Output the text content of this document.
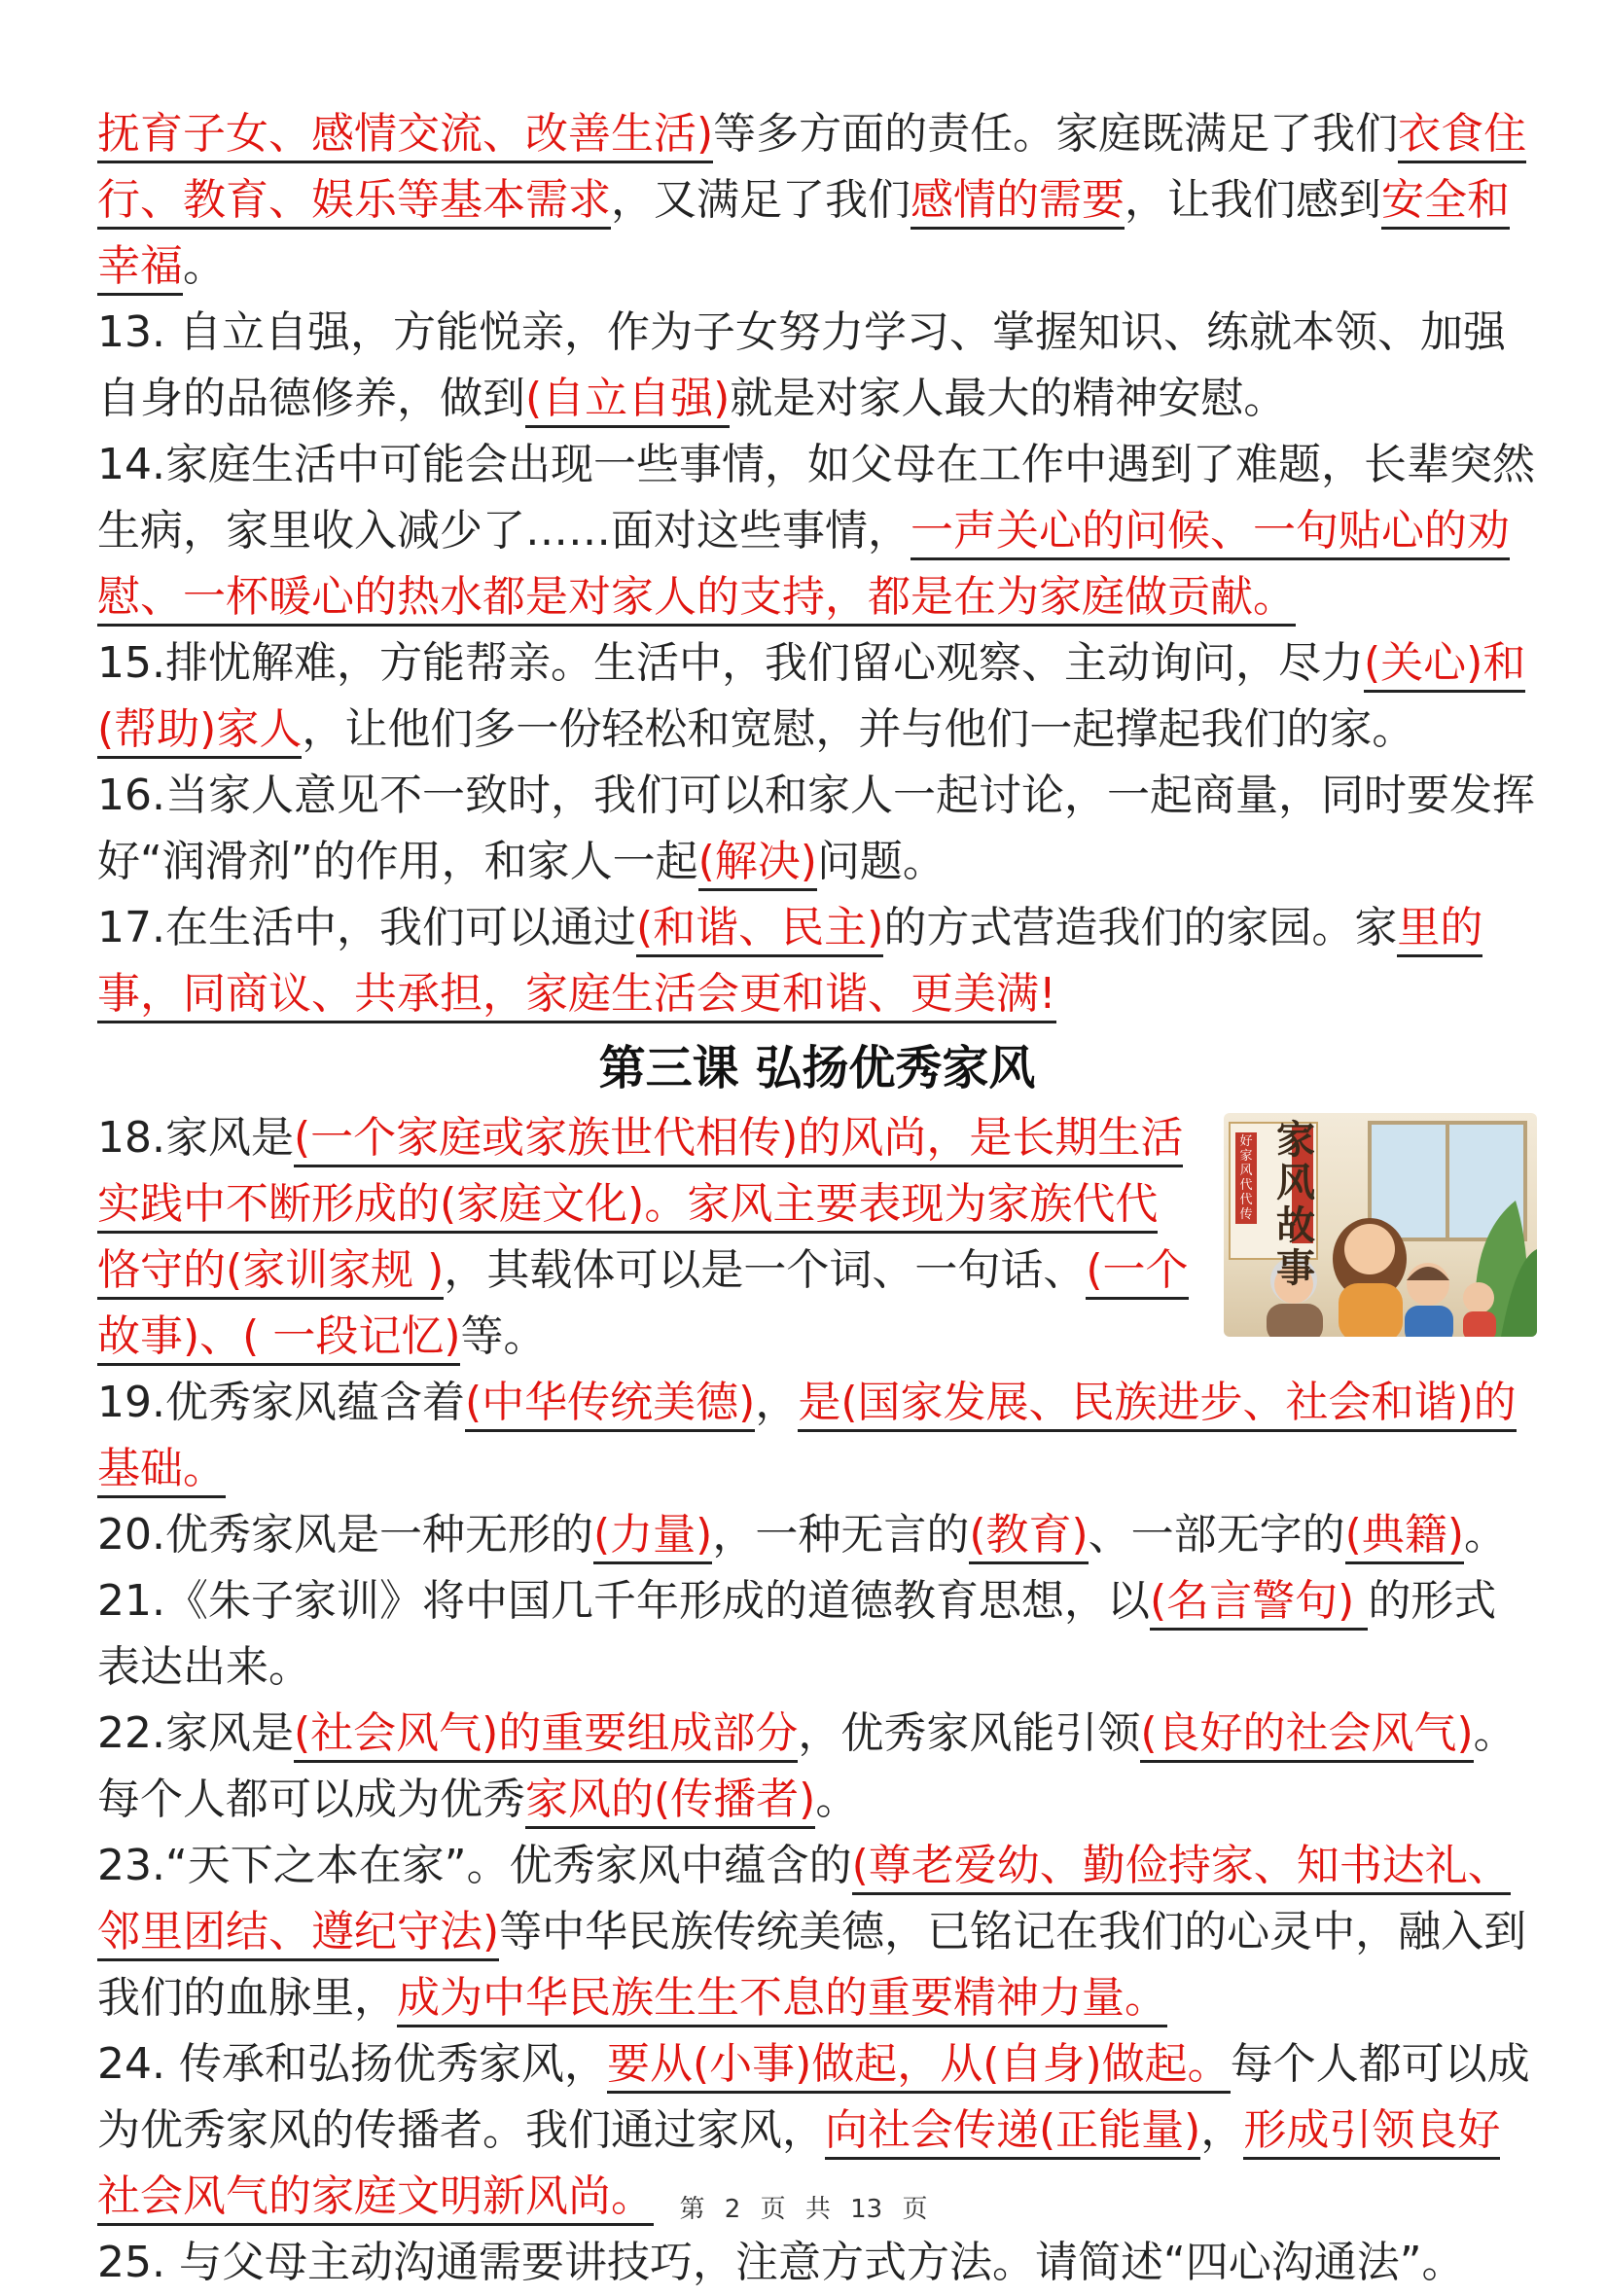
抚育子女、感情交流、改善生活)等多方面的责任。家庭既满足了我们衣食住行、教育、娱乐等基本需求，又满足了我们感情的需要，让我们感到安全和幸福。

13. 自立自强，方能悦亲，作为子女努力学习、掌握知识、练就本领、加强自身的品德修养，做到(自立自强)就是对家人最大的精神安慰。

14.家庭生活中可能会出现一些事情，如父母在工作中遇到了难题，长辈突然生病，家里收入减少了……面对这些事情，一声关心的问候、一句贴心的劝慰、一杯暖心的热水都是对家人的支持，都是在为家庭做贡献。

15.排忧解难，方能帮亲。生活中，我们留心观察、主动询问，尽力(关心)和(帮助)家人，让他们多一份轻松和宽慰，并与他们一起撑起我们的家。

16.当家人意见不一致时，我们可以和家人一起讨论，一起商量，同时要发挥好“润滑剂”的作用，和家人一起(解决)问题。

17.在生活中，我们可以通过(和谐、民主)的方式营造我们的家园。家里的事，同商议、共承担，家庭生活会更和谐、更美满!

第三课 弘扬优秀家风

家风故事
好家风代代传
18.家风是(一个家庭或家族世代相传)的风尚，是长期生活实践中不断形成的(家庭文化)。家风主要表现为家族代代恪守的(家训家规 )，其载体可以是一个词、一句话、(一个故事)、( 一段记忆)等。

19.优秀家风蕴含着(中华传统美德)，是(国家发展、民族进步、社会和谐)的基础。

20.优秀家风是一种无形的(力量)，一种无言的(教育)、一部无字的(典籍)。

21.《朱子家训》将中国几千年形成的道德教育思想，以(名言警句) 的形式表达出来。

22.家风是(社会风气)的重要组成部分，优秀家风能引领(良好的社会风气)。每个人都可以成为优秀家风的(传播者)。

23.“天下之本在家”。优秀家风中蕴含的(尊老爱幼、勤俭持家、知书达礼、邻里团结、遵纪守法)等中华民族传统美德，已铭记在我们的心灵中，融入到我们的血脉里，成为中华民族生生不息的重要精神力量。

24. 传承和弘扬优秀家风，要从(小事)做起，从(自身)做起。每个人都可以成为优秀家风的传播者。我们通过家风，向社会传递(正能量)，形成引领良好社会风气的家庭文明新风尚。

25. 与父母主动沟通需要讲技巧，注意方式方法。请简述“四心沟通法”。

第 2 页 共 13 页
